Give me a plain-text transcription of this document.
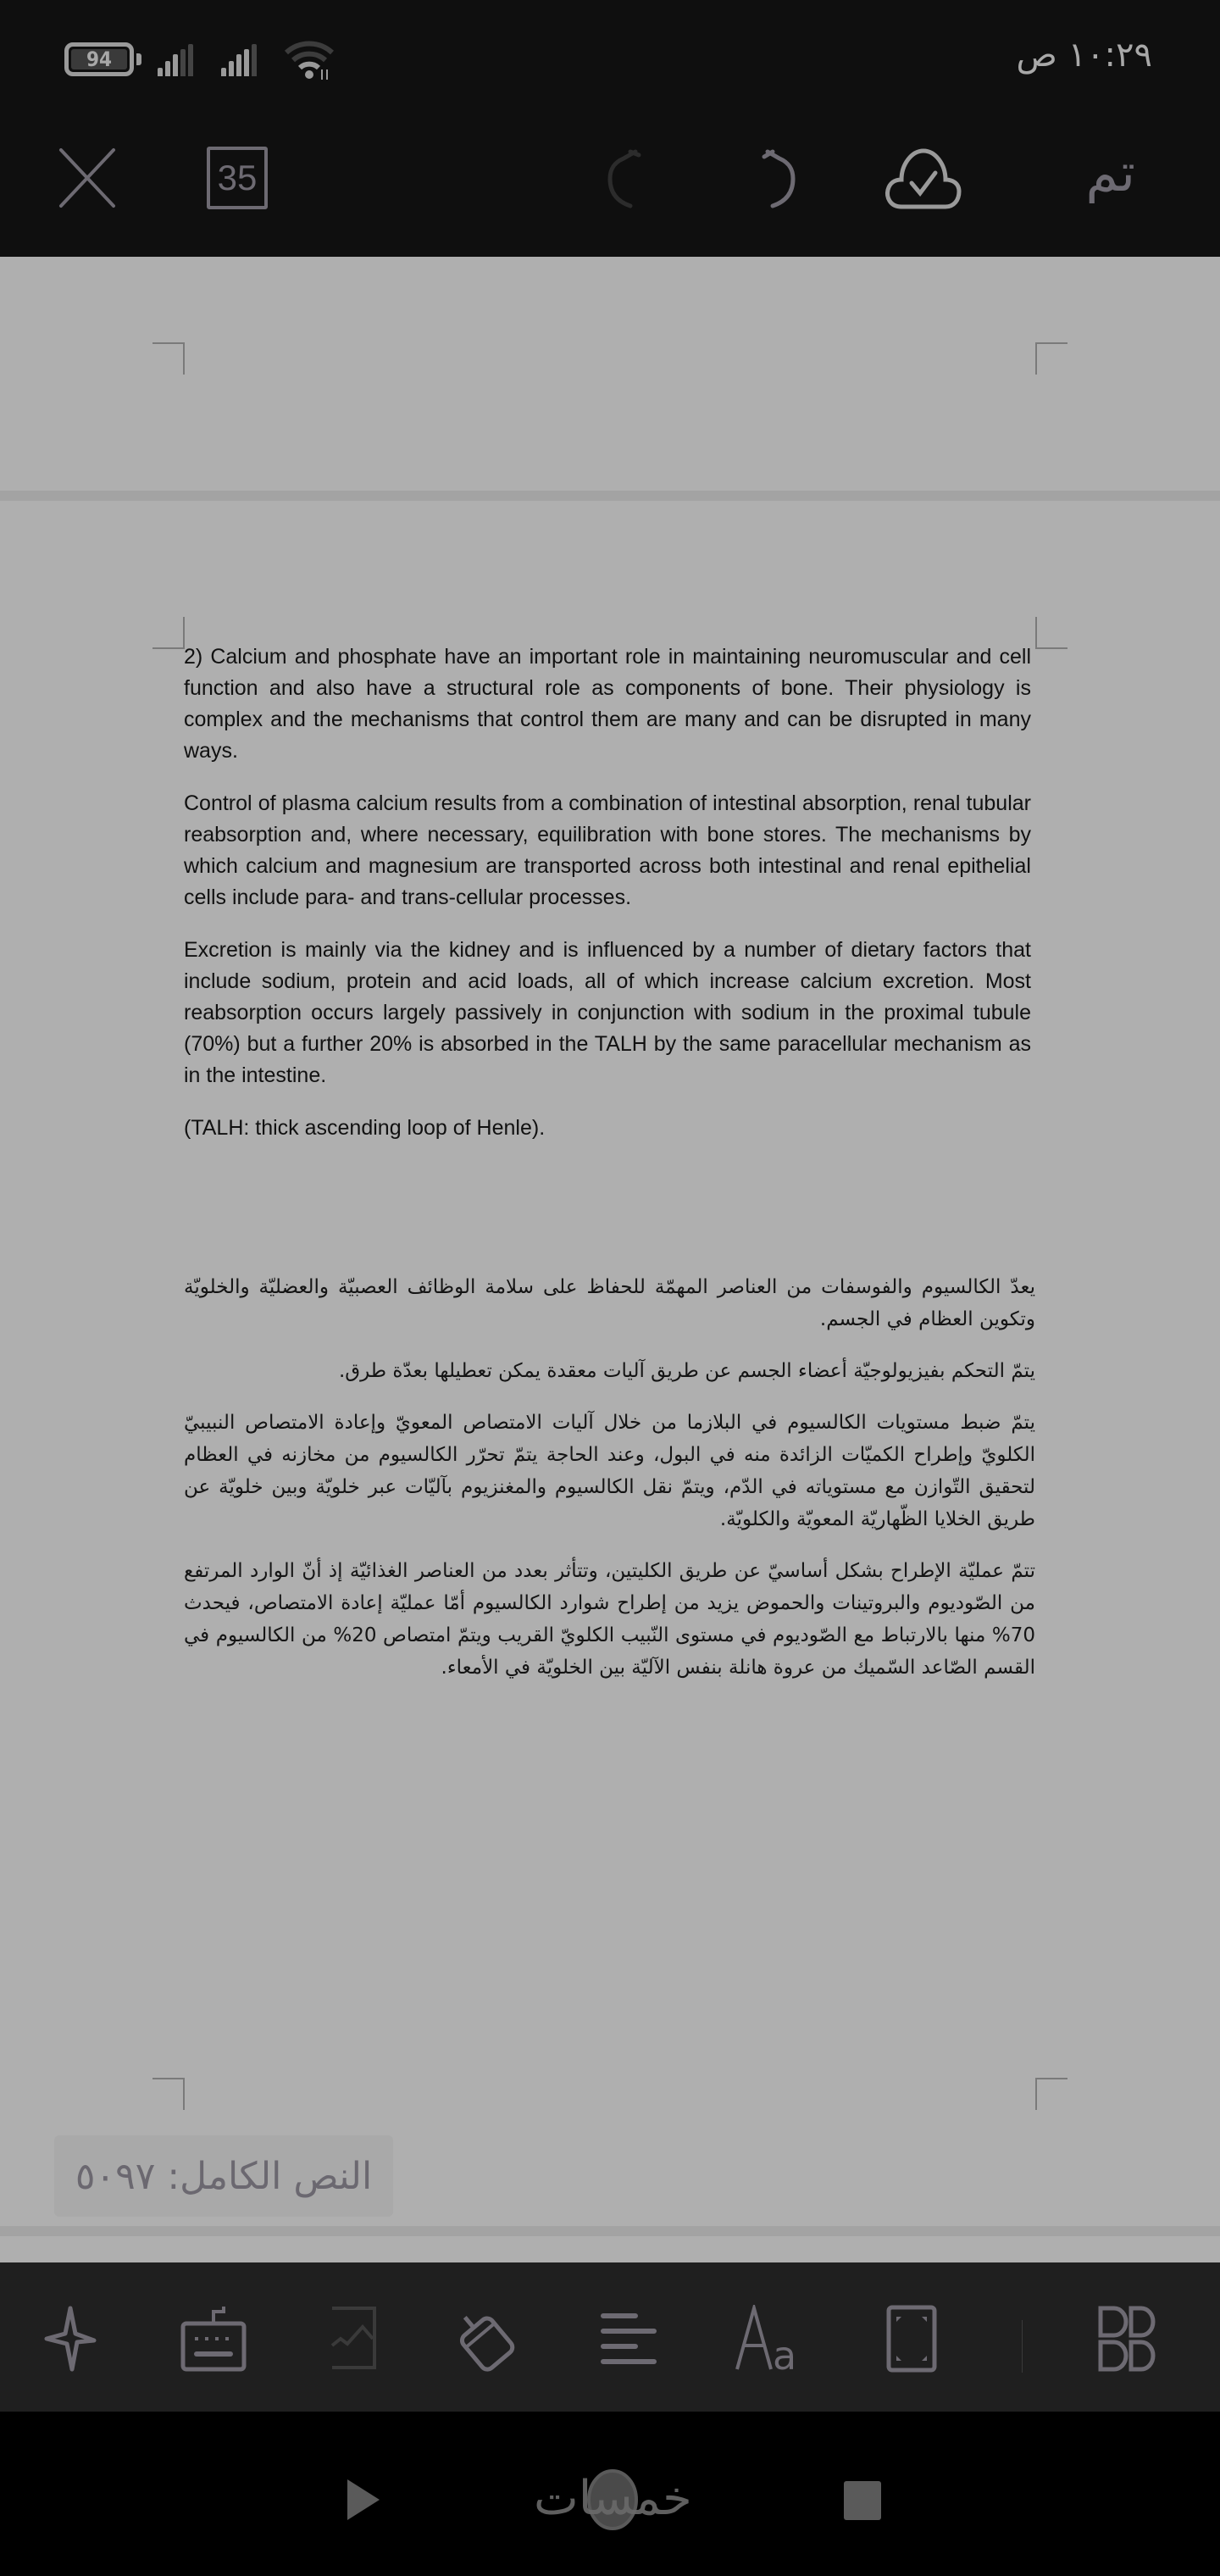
94	١٠:٢٩ ص
35	تم

2) Calcium and phosphate have an important role in maintaining neuromuscular and cell function and also have a structural role as components of bone. Their physiology is complex and the mechanisms that control them are many and can be disrupted in many ways.

Control of plasma calcium results from a combination of intestinal absorption, renal tubular reabsorption and, where necessary, equilibration with bone stores. The mechanisms by which calcium and magnesium are transported across both intestinal and renal epithelial cells include para- and trans-cellular processes.

Excretion is mainly via the kidney and is influenced by a number of dietary factors that include sodium, protein and acid loads, all of which increase calcium excretion. Most reabsorption occurs largely passively in conjunction with sodium in the proximal tubule (70%) but a further 20% is absorbed in the TALH by the same paracellular mechanism as in the intestine.

(TALH: thick ascending loop of Henle).

يعدّ الكالسيوم والفوسفات من العناصر المهمّة للحفاظ على سلامة الوظائف العصبيّة والعضليّة والخلويّة وتكوين العظام في الجسم.

يتمّ التحكم بفيزيولوجيّة أعضاء الجسم عن طريق آليات معقدة يمكن تعطيلها بعدّة طرق.

يتمّ ضبط مستويات الكالسيوم في البلازما من خلال آليات الامتصاص المعويّ وإعادة الامتصاص النبيبيّ الكلويّ وإطراح الكميّات الزائدة منه في البول، وعند الحاجة يتمّ تحرّر الكالسيوم من مخازنه في العظام لتحقيق التّوازن مع مستوياته في الدّم، ويتمّ نقل الكالسيوم والمغنزيوم بآليّات عبر خلويّة وبين خلويّة عن طريق الخلايا الظّهاريّة المعويّة والكلويّة.

تتمّ عمليّة الإطراح بشكل أساسيّ عن طريق الكليتين، وتتأثر بعدد من العناصر الغذائيّة إذ أنّ الوارد المرتفع من الصّوديوم والبروتينات والحموض يزيد من إطراح شوارد الكالسيوم أمّا عمليّة إعادة الامتصاص، فيحدث 70% منها بالارتباط مع الصّوديوم في مستوى النّبيب الكلويّ القريب ويتمّ امتصاص 20% من الكالسيوم في القسم الصّاعد السّميك من عروة هانلة بنفس الآليّة بين الخلويّة في الأمعاء.

النص الكامل: ٥٠٩٧
a
خمسات
